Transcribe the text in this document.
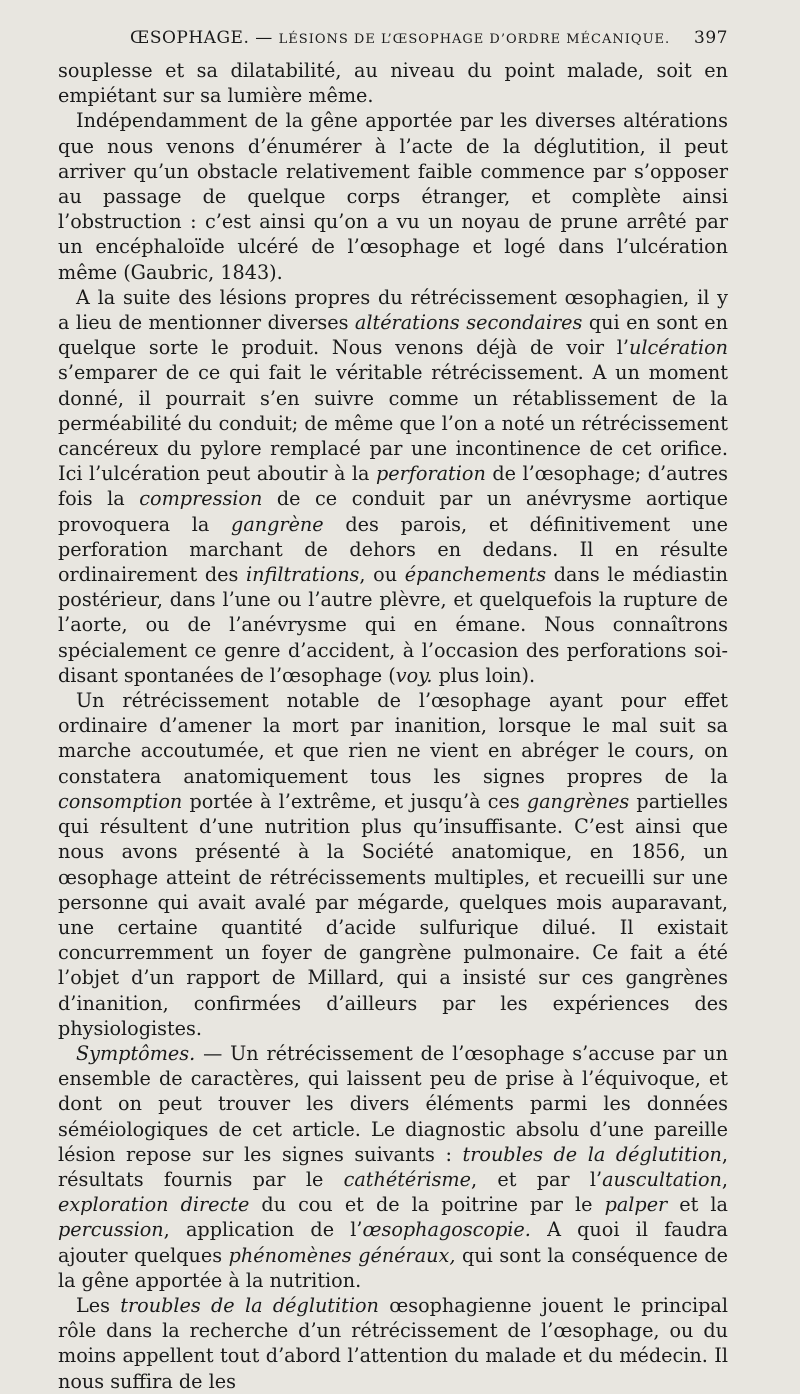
ŒSOPHAGE. — LÉSIONS DE L’ŒSOPHAGE D’ORDRE MÉCANIQUE. 397

souplesse et sa dilatabilité, au niveau du point malade, soit en empiétant sur sa lumière même.

Indépendamment de la gêne apportée par les diverses altérations que nous venons d’énumérer à l’acte de la déglutition, il peut arriver qu’un obstacle relativement faible commence par s’opposer au passage de quelque corps étranger, et complète ainsi l’obstruction : c’est ainsi qu’on a vu un noyau de prune arrêté par un encéphaloïde ulcéré de l’œsophage et logé dans l’ulcération même (Gaubric, 1843).

A la suite des lésions propres du rétrécissement œsophagien, il y a lieu de mentionner diverses altérations secondaires qui en sont en quelque sorte le produit. Nous venons déjà de voir l’ulcération s’emparer de ce qui fait le véritable rétrécissement. A un moment donné, il pourrait s’en suivre comme un rétablissement de la perméabilité du conduit; de même que l’on a noté un rétrécissement cancéreux du pylore remplacé par une incontinence de cet orifice. Ici l’ulcération peut aboutir à la perforation de l’œsophage; d’autres fois la compression de ce conduit par un anévrysme aortique provoquera la gangrène des parois, et définitivement une perforation marchant de dehors en dedans. Il en résulte ordinairement des infiltrations, ou épanchements dans le médiastin postérieur, dans l’une ou l’autre plèvre, et quelquefois la rupture de l’aorte, ou de l’anévrysme qui en émane. Nous connaîtrons spécialement ce genre d’accident, à l’occasion des perforations soi-disant spontanées de l’œsophage (voy. plus loin).

Un rétrécissement notable de l’œsophage ayant pour effet ordinaire d’amener la mort par inanition, lorsque le mal suit sa marche accoutumée, et que rien ne vient en abréger le cours, on constatera anatomiquement tous les signes propres de la consomption portée à l’extrême, et jusqu’à ces gangrènes partielles qui résultent d’une nutrition plus qu’insuffisante. C’est ainsi que nous avons présenté à la Société anatomique, en 1856, un œsophage atteint de rétrécissements multiples, et recueilli sur une personne qui avait avalé par mégarde, quelques mois auparavant, une certaine quantité d’acide sulfurique dilué. Il existait concurremment un foyer de gangrène pulmonaire. Ce fait a été l’objet d’un rapport de Millard, qui a insisté sur ces gangrènes d’inanition, confirmées d’ailleurs par les expériences des physiologistes.

Symptômes. — Un rétrécissement de l’œsophage s’accuse par un ensemble de caractères, qui laissent peu de prise à l’équivoque, et dont on peut trouver les divers éléments parmi les données séméiologiques de cet article. Le diagnostic absolu d’une pareille lésion repose sur les signes suivants : troubles de la déglutition, résultats fournis par le cathétérisme, et par l’auscultation, exploration directe du cou et de la poitrine par le palper et la percussion, application de l’œsophagoscopie. A quoi il faudra ajouter quelques phénomènes généraux, qui sont la conséquence de la gêne apportée à la nutrition.

Les troubles de la déglutition œsophagienne jouent le principal rôle dans la recherche d’un rétrécissement de l’œsophage, ou du moins appellent tout d’abord l’attention du malade et du médecin. Il nous suffira de les
